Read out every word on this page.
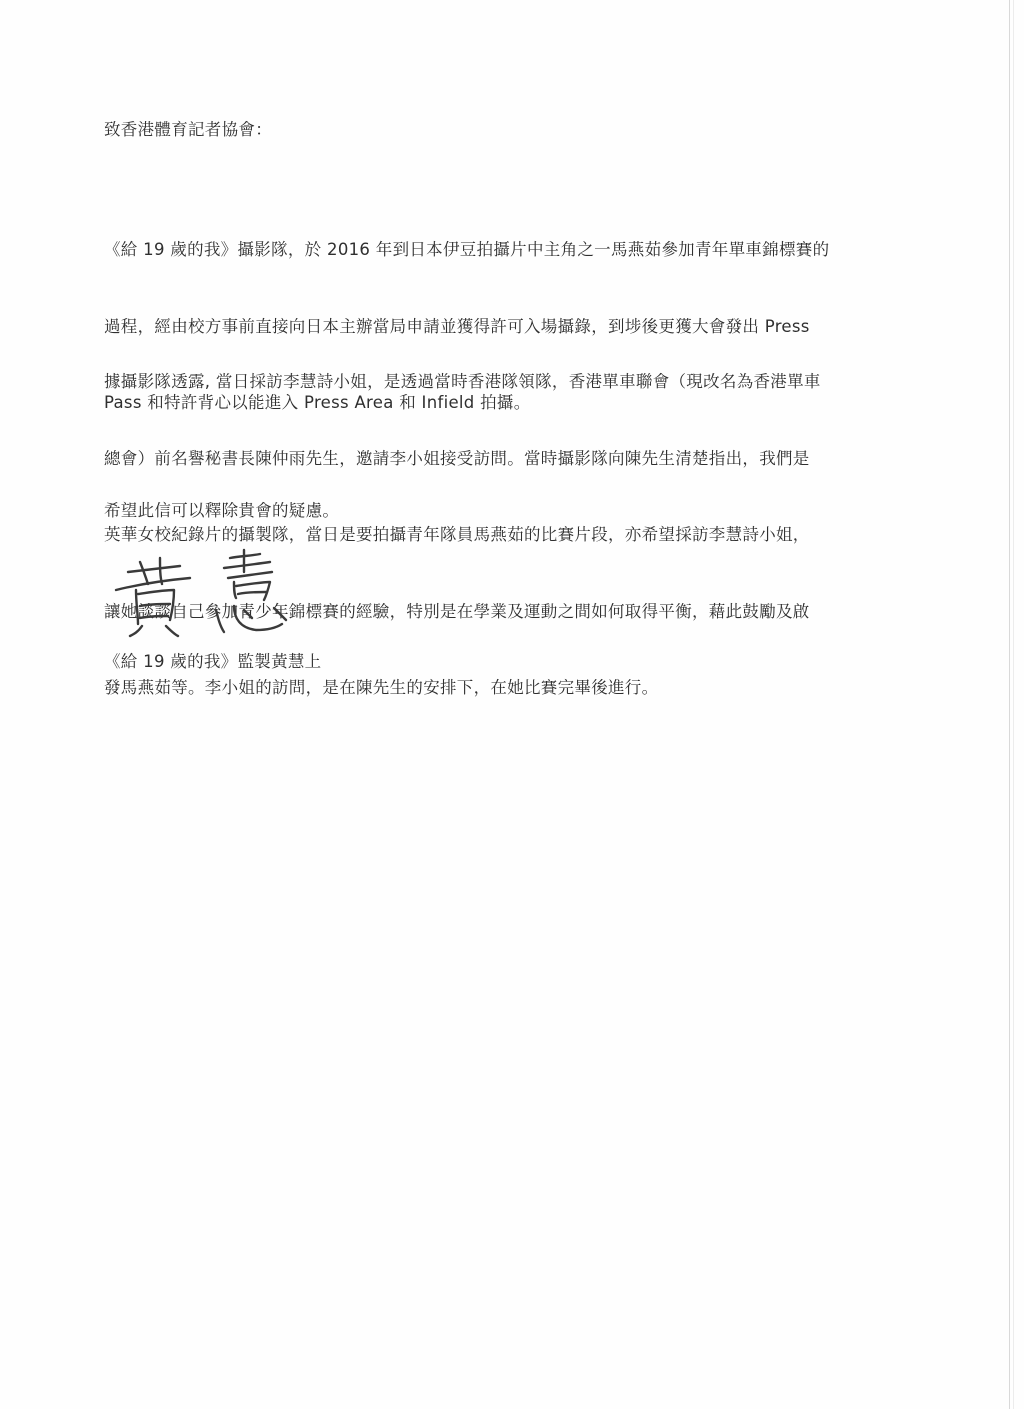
致香港體育記者協會：

《給 19 歲的我》攝影隊，於 2016 年到日本伊豆拍攝片中主角之一馬燕茹參加青年單車錦標賽的

過程，經由校方事前直接向日本主辦當局申請並獲得許可入場攝錄，到埗後更獲大會發出 Press

Pass 和特許背心以能進入 Press Area 和 Infield 拍攝。

據攝影隊透露, 當日採訪李慧詩小姐，是透過當時香港隊領隊，香港單車聯會（現改名為香港單車

總會）前名譽秘書長陳仲雨先生，邀請李小姐接受訪問。當時攝影隊向陳先生清楚指出，我們是

英華女校紀錄片的攝製隊，當日是要拍攝青年隊員馬燕茹的比賽片段，亦希望採訪李慧詩小姐，

讓她談談自己參加青少年錦標賽的經驗，特別是在學業及運動之間如何取得平衡，藉此鼓勵及啟

發馬燕茹等。李小姐的訪問，是在陳先生的安排下，在她比賽完畢後進行。

希望此信可以釋除貴會的疑慮。
《給 19 歲的我》監製黃慧上
